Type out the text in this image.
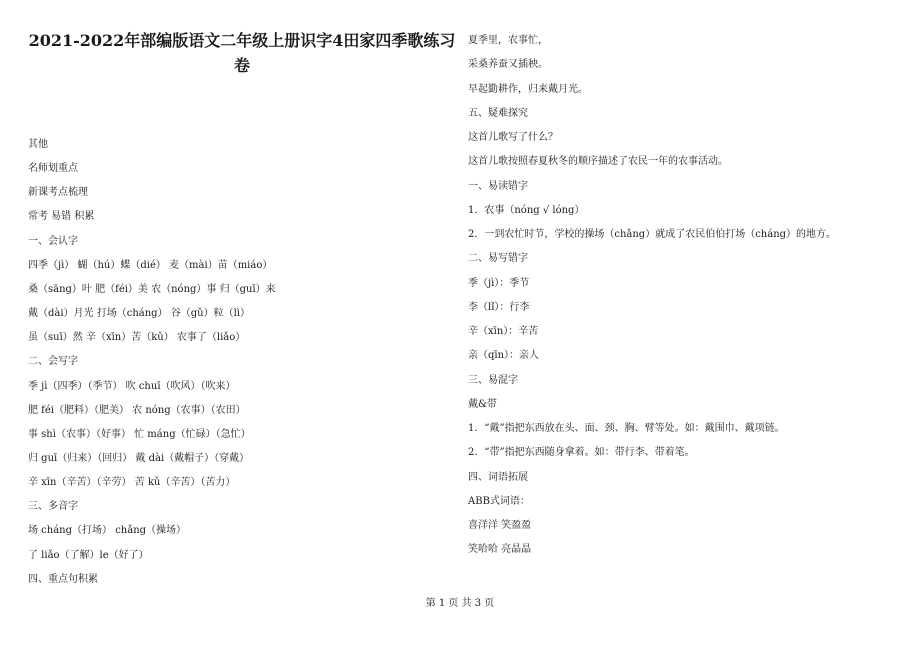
2021-2022年部编版语文二年级上册识字4田家四季歌练习卷
其他
名师划重点
新课考点梳理
常考 易错 积累
一、会认字
四季（jì） 蝴（hú）蝶（dié） 麦（mài）苗（miáo）
桑（sāng）叶 肥（féi）美 农（nóng）事 归（guī）来
戴（dài）月光 打场（cháng） 谷（gǔ）粒（lì）
虽（suī）然 辛（xīn）苦（kǔ） 农事了（liǎo）
二、会写字
季 jì（四季）（季节） 吹 chuī（吹风）（吹来）
肥 féi（肥料）（肥美） 农 nóng（农事）（农田）
事 shì（农事）（好事） 忙 máng（忙碌）（急忙）
归 guī（归来）（回归） 戴 dài（戴帽子）（穿戴）
辛 xīn（辛苦）（辛劳） 苦 kǔ（辛苦）（苦力）
三、多音字
场 cháng（打场） chǎng（操场）
了 liǎo（了解）le（好了）
四、重点句积累
夏季里，农事忙，
采桑养蚕又插秧。
早起勤耕作，归来戴月光。
五、疑难探究
这首儿歌写了什么？
这首儿歌按照春夏秋冬的顺序描述了农民一年的农事活动。
一、易读错字
1．农事（nóng √ lóng）
2．一到农忙时节，学校的操场（chǎng）就成了农民伯伯打场（cháng）的地方。
二、易写错字
季（jì）：季节
李（lǐ）：行李
辛（xīn）：辛苦
亲（qīn）：亲人
三、易混字
戴&带
1．“戴”指把东西放在头、面、颈、胸、臂等处。如：戴围巾、戴项链。
2．“带”指把东西随身拿着。如：带行李、带着笔。
四、词语拓展
ABB式词语：
喜洋洋 笑盈盈
笑哈哈 亮晶晶
第 1 页 共 3 页
